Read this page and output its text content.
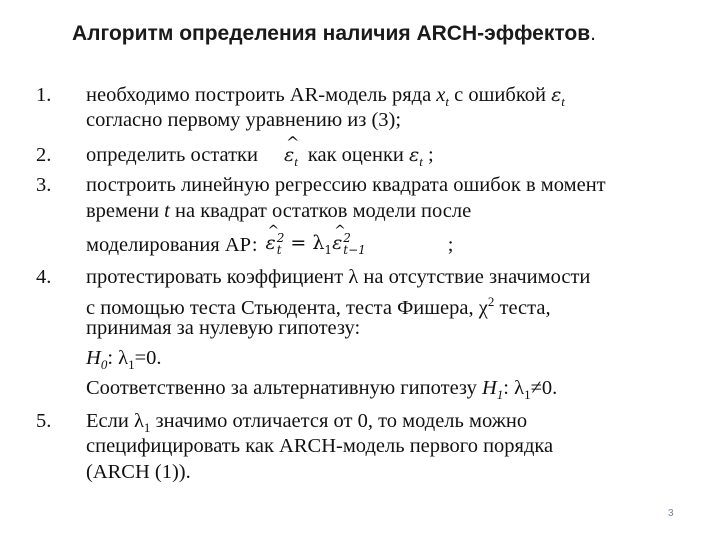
Алгоритм определения наличия ARCH-эффектов.
1. необходимо построить AR-модель ряда $x_t$ с ошибкой $\varepsilon_t$
согласно первому уравнению из (3);
2. определить остатки ^ $\varepsilon_t$ как оценки $\varepsilon_t$ ;
3. построить линейную регрессию квадрата ошибок в момент
времени t на квадрат остатков модели после
моделирования АР: ^ ε 2
$t = \lambda_1\^{}$ ε 2
t−1	;
4. протестировать коэффициент λ на отсутствие значимости
с помощью теста Стьюдента, теста Фишера, $\chi^2$ теста,
принимая за нулевую гипотезу:
$H_0$: $\lambda_1=0$.
Соответственно за альтернативную гипотезу $H_1$: $\lambda_1\ne 0$.
5. Если $\lambda_1$ значимо отличается от 0, то модель можно
специфицировать как ARCH-модель первого порядка
(ARCH (1)).
3
